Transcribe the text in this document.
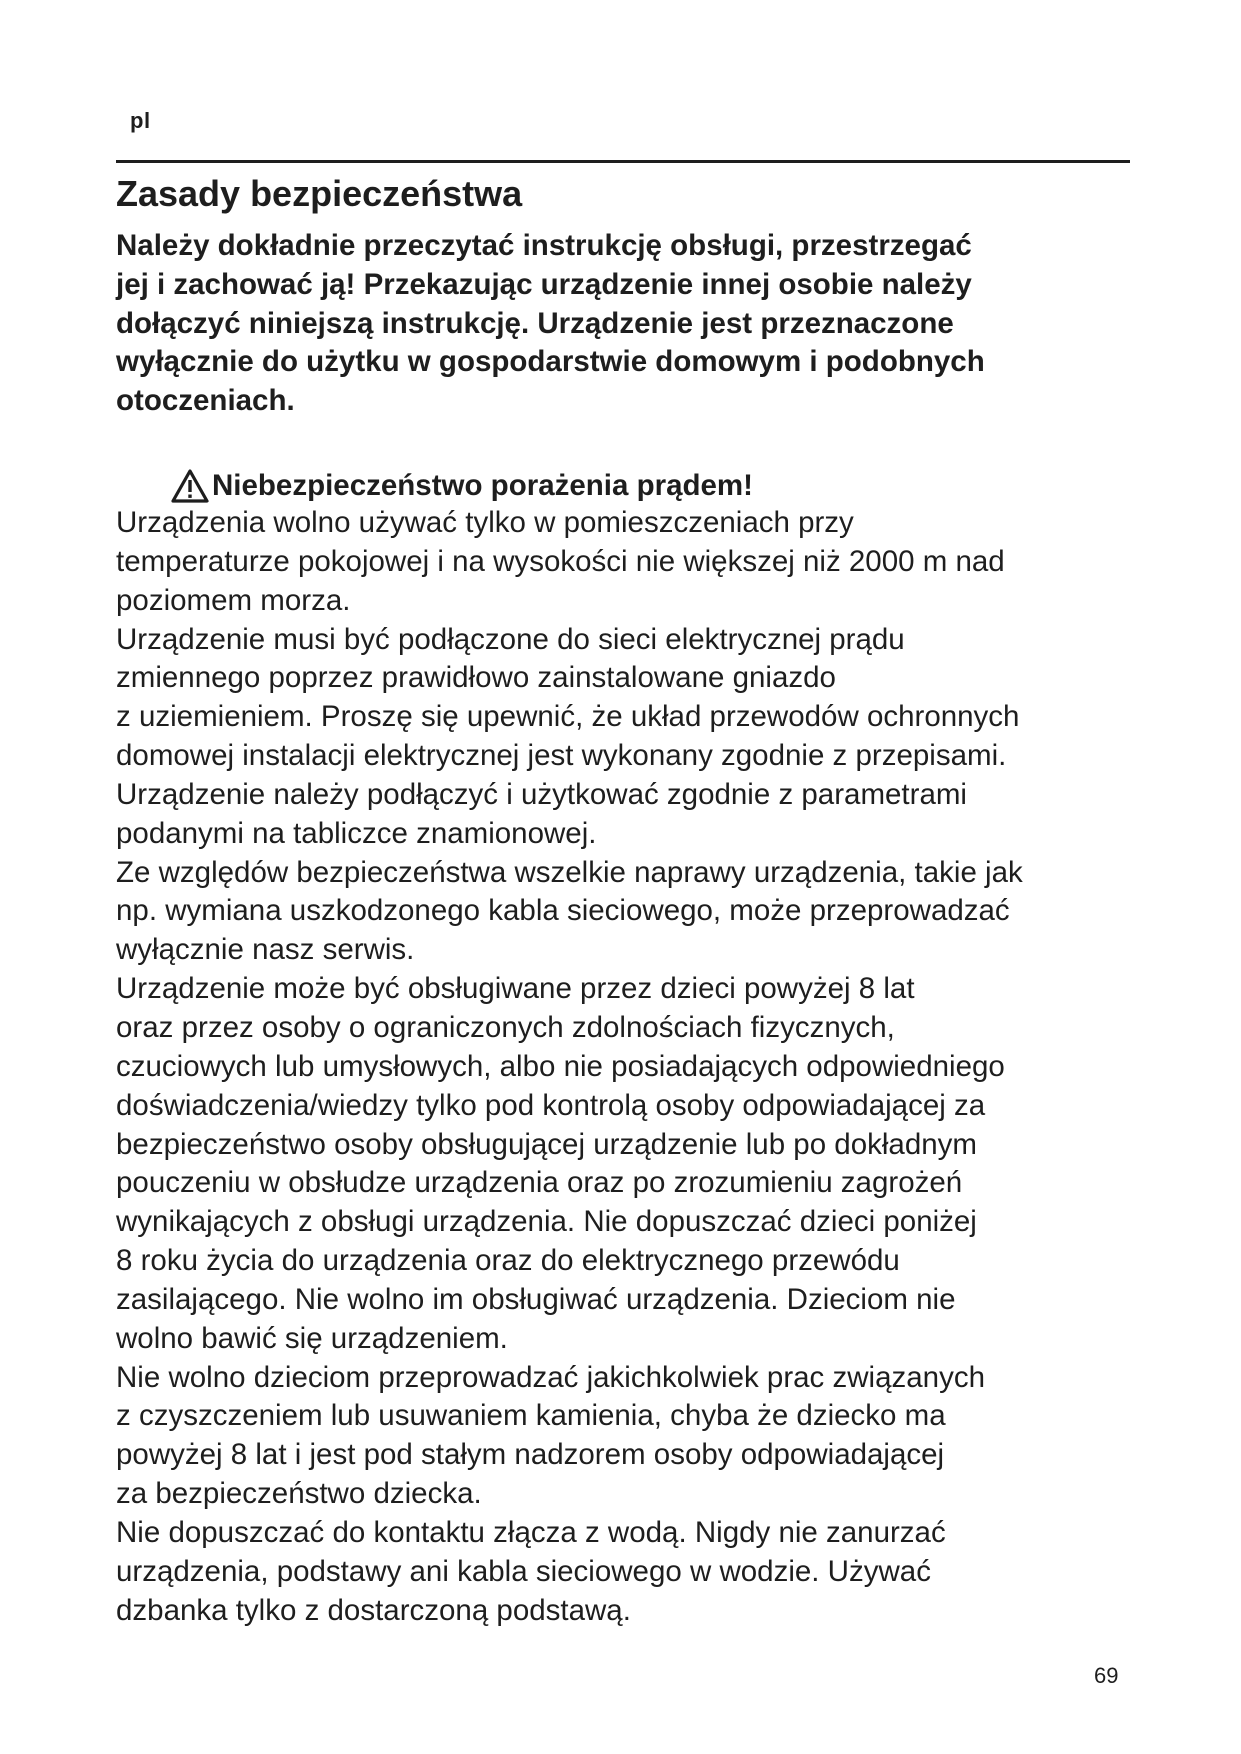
pl
Zasady bezpieczeństwa
Należy dokładnie przeczytać instrukcję obsługi, przestrzegać
jej i zachować ją! Przekazując urządzenie innej osobie należy
dołączyć niniejszą instrukcję. Urządzenie jest przeznaczone
wyłącznie do użytku w gospodarstwie domowym i podobnych
otoczeniach.
Niebezpieczeństwo porażenia prądem!
Urządzenia wolno używać tylko w pomieszczeniach przy
temperaturze pokojowej i na wysokości nie większej niż 2000 m nad
poziomem morza.
Urządzenie musi być podłączone do sieci elektrycznej prądu
zmiennego poprzez prawidłowo zainstalowane gniazdo
z uziemieniem. Proszę się upewnić, że układ przewodów ochronnych
domowej instalacji elektrycznej jest wykonany zgodnie z przepisami.
Urządzenie należy podłączyć i użytkować zgodnie z parametrami
podanymi na tabliczce znamionowej.
Ze względów bezpieczeństwa wszelkie naprawy urządzenia, takie jak
np. wymiana uszkodzonego kabla sieciowego, może przeprowadzać
wyłącznie nasz serwis.
Urządzenie może być obsługiwane przez dzieci powyżej 8 lat
oraz przez osoby o ograniczonych zdolnościach fizycznych,
czuciowych lub umysłowych, albo nie posiadających odpowiedniego
doświadczenia/wiedzy tylko pod kontrolą osoby odpowiadającej za
bezpieczeństwo osoby obsługującej urządzenie lub po dokładnym
pouczeniu w obsłudze urządzenia oraz po zrozumieniu zagrożeń
wynikających z obsługi urządzenia. Nie dopuszczać dzieci poniżej
8 roku życia do urządzenia oraz do elektrycznego przewódu
zasilającego. Nie wolno im obsługiwać urządzenia. Dzieciom nie
wolno bawić się urządzeniem.
Nie wolno dzieciom przeprowadzać jakichkolwiek prac związanych
z czyszczeniem lub usuwaniem kamienia, chyba że dziecko ma
powyżej 8 lat i jest pod stałym nadzorem osoby odpowiadającej
za bezpieczeństwo dziecka.
Nie dopuszczać do kontaktu złącza z wodą. Nigdy nie zanurzać
urządzenia, podstawy ani kabla sieciowego w wodzie. Używać
dzbanka tylko z dostarczoną podstawą.
69
